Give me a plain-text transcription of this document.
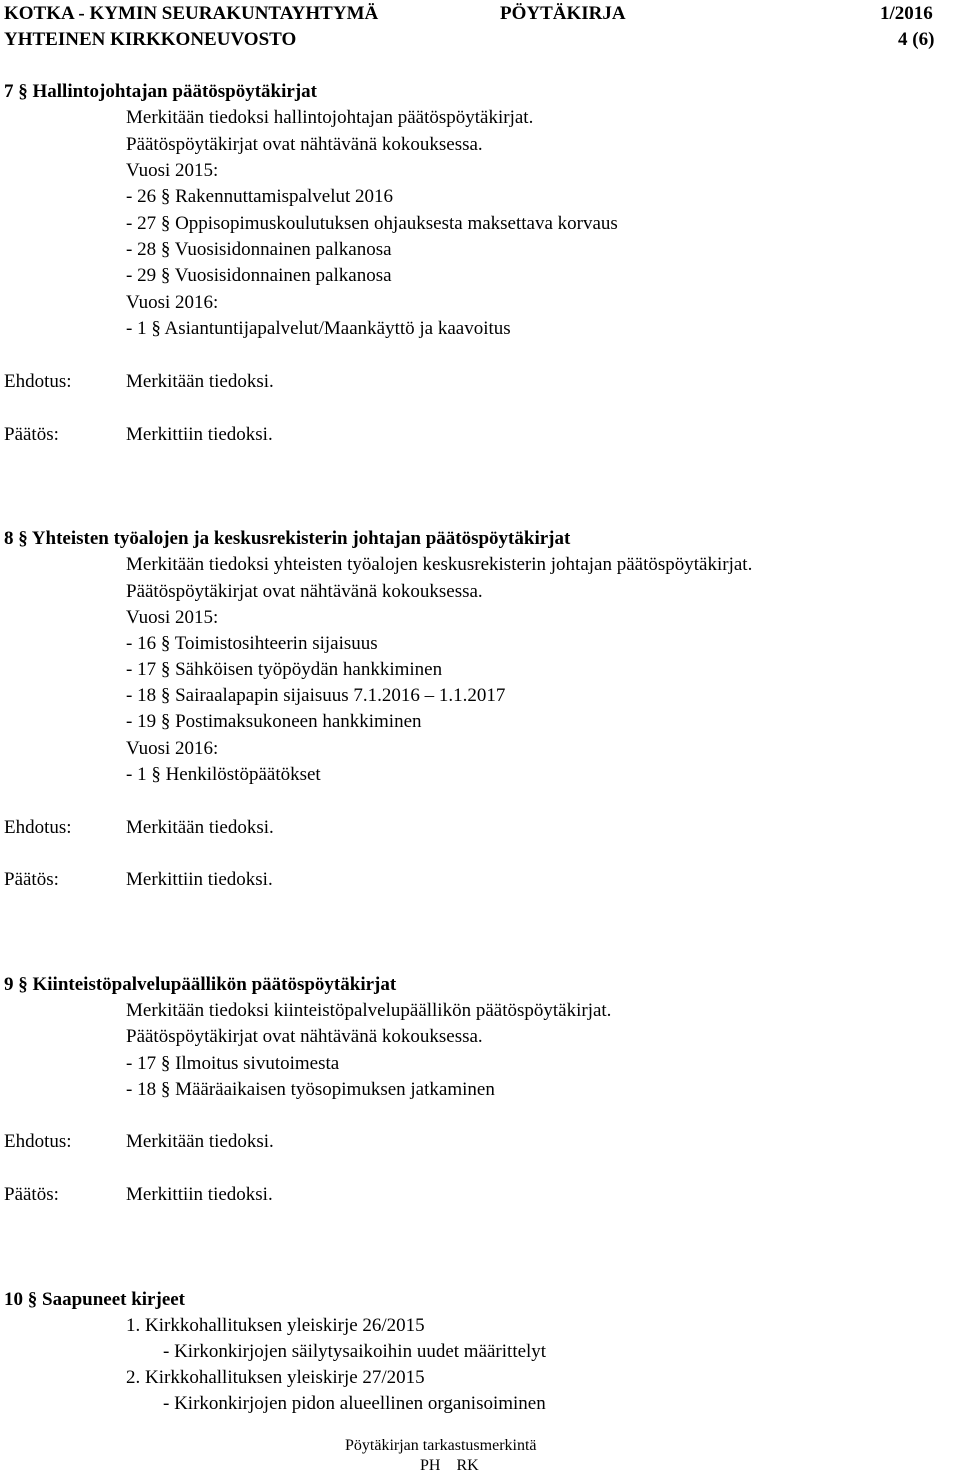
KOTKA - KYMIN SEURAKUNTAYHTYMÄ	PÖYTÄKIRJA	1/2016
YHTEINEN KIRKKONEUVOSTO	4 (6)
7 § Hallintojohtajan päätöspöytäkirjat
Merkitään tiedoksi hallintojohtajan päätöspöytäkirjat.
Päätöspöytäkirjat ovat nähtävänä kokouksessa.
Vuosi 2015:
- 26 § Rakennuttamispalvelut 2016
- 27 § Oppisopimuskoulutuksen ohjauksesta maksettava korvaus
- 28 § Vuosisidonnainen palkanosa
- 29 § Vuosisidonnainen palkanosa
Vuosi 2016:
- 1 § Asiantuntijapalvelut/Maankäyttö ja kaavoitus
Ehdotus:	Merkitään tiedoksi.
Päätös:	Merkittiin tiedoksi.
8 § Yhteisten työalojen ja keskusrekisterin johtajan päätöspöytäkirjat
Merkitään tiedoksi yhteisten työalojen keskusrekisterin johtajan päätöspöytäkirjat.
Päätöspöytäkirjat ovat nähtävänä kokouksessa.
Vuosi 2015:
- 16 § Toimistosihteerin sijaisuus
- 17 § Sähköisen työpöydän hankkiminen
- 18 § Sairaalapapin sijaisuus 7.1.2016 – 1.1.2017
- 19 § Postimaksukoneen hankkiminen
Vuosi 2016:
- 1 § Henkilöstöpäätökset
Ehdotus:	Merkitään tiedoksi.
Päätös:	Merkittiin tiedoksi.
9 § Kiinteistöpalvelupäällikön päätöspöytäkirjat
Merkitään tiedoksi kiinteistöpalvelupäällikön päätöspöytäkirjat.
Päätöspöytäkirjat ovat nähtävänä kokouksessa.
- 17 § Ilmoitus sivutoimesta
- 18 § Määräaikaisen työsopimuksen jatkaminen
Ehdotus:	Merkitään tiedoksi.
Päätös:	Merkittiin tiedoksi.
10 § Saapuneet kirjeet
1. Kirkkohallituksen yleiskirje 26/2015
- Kirkonkirjojen säilytysaikoihin uudet määrittelyt
2. Kirkkohallituksen yleiskirje 27/2015
- Kirkonkirjojen pidon alueellinen organisoiminen
Pöytäkirjan tarkastusmerkintä
PH    RK
